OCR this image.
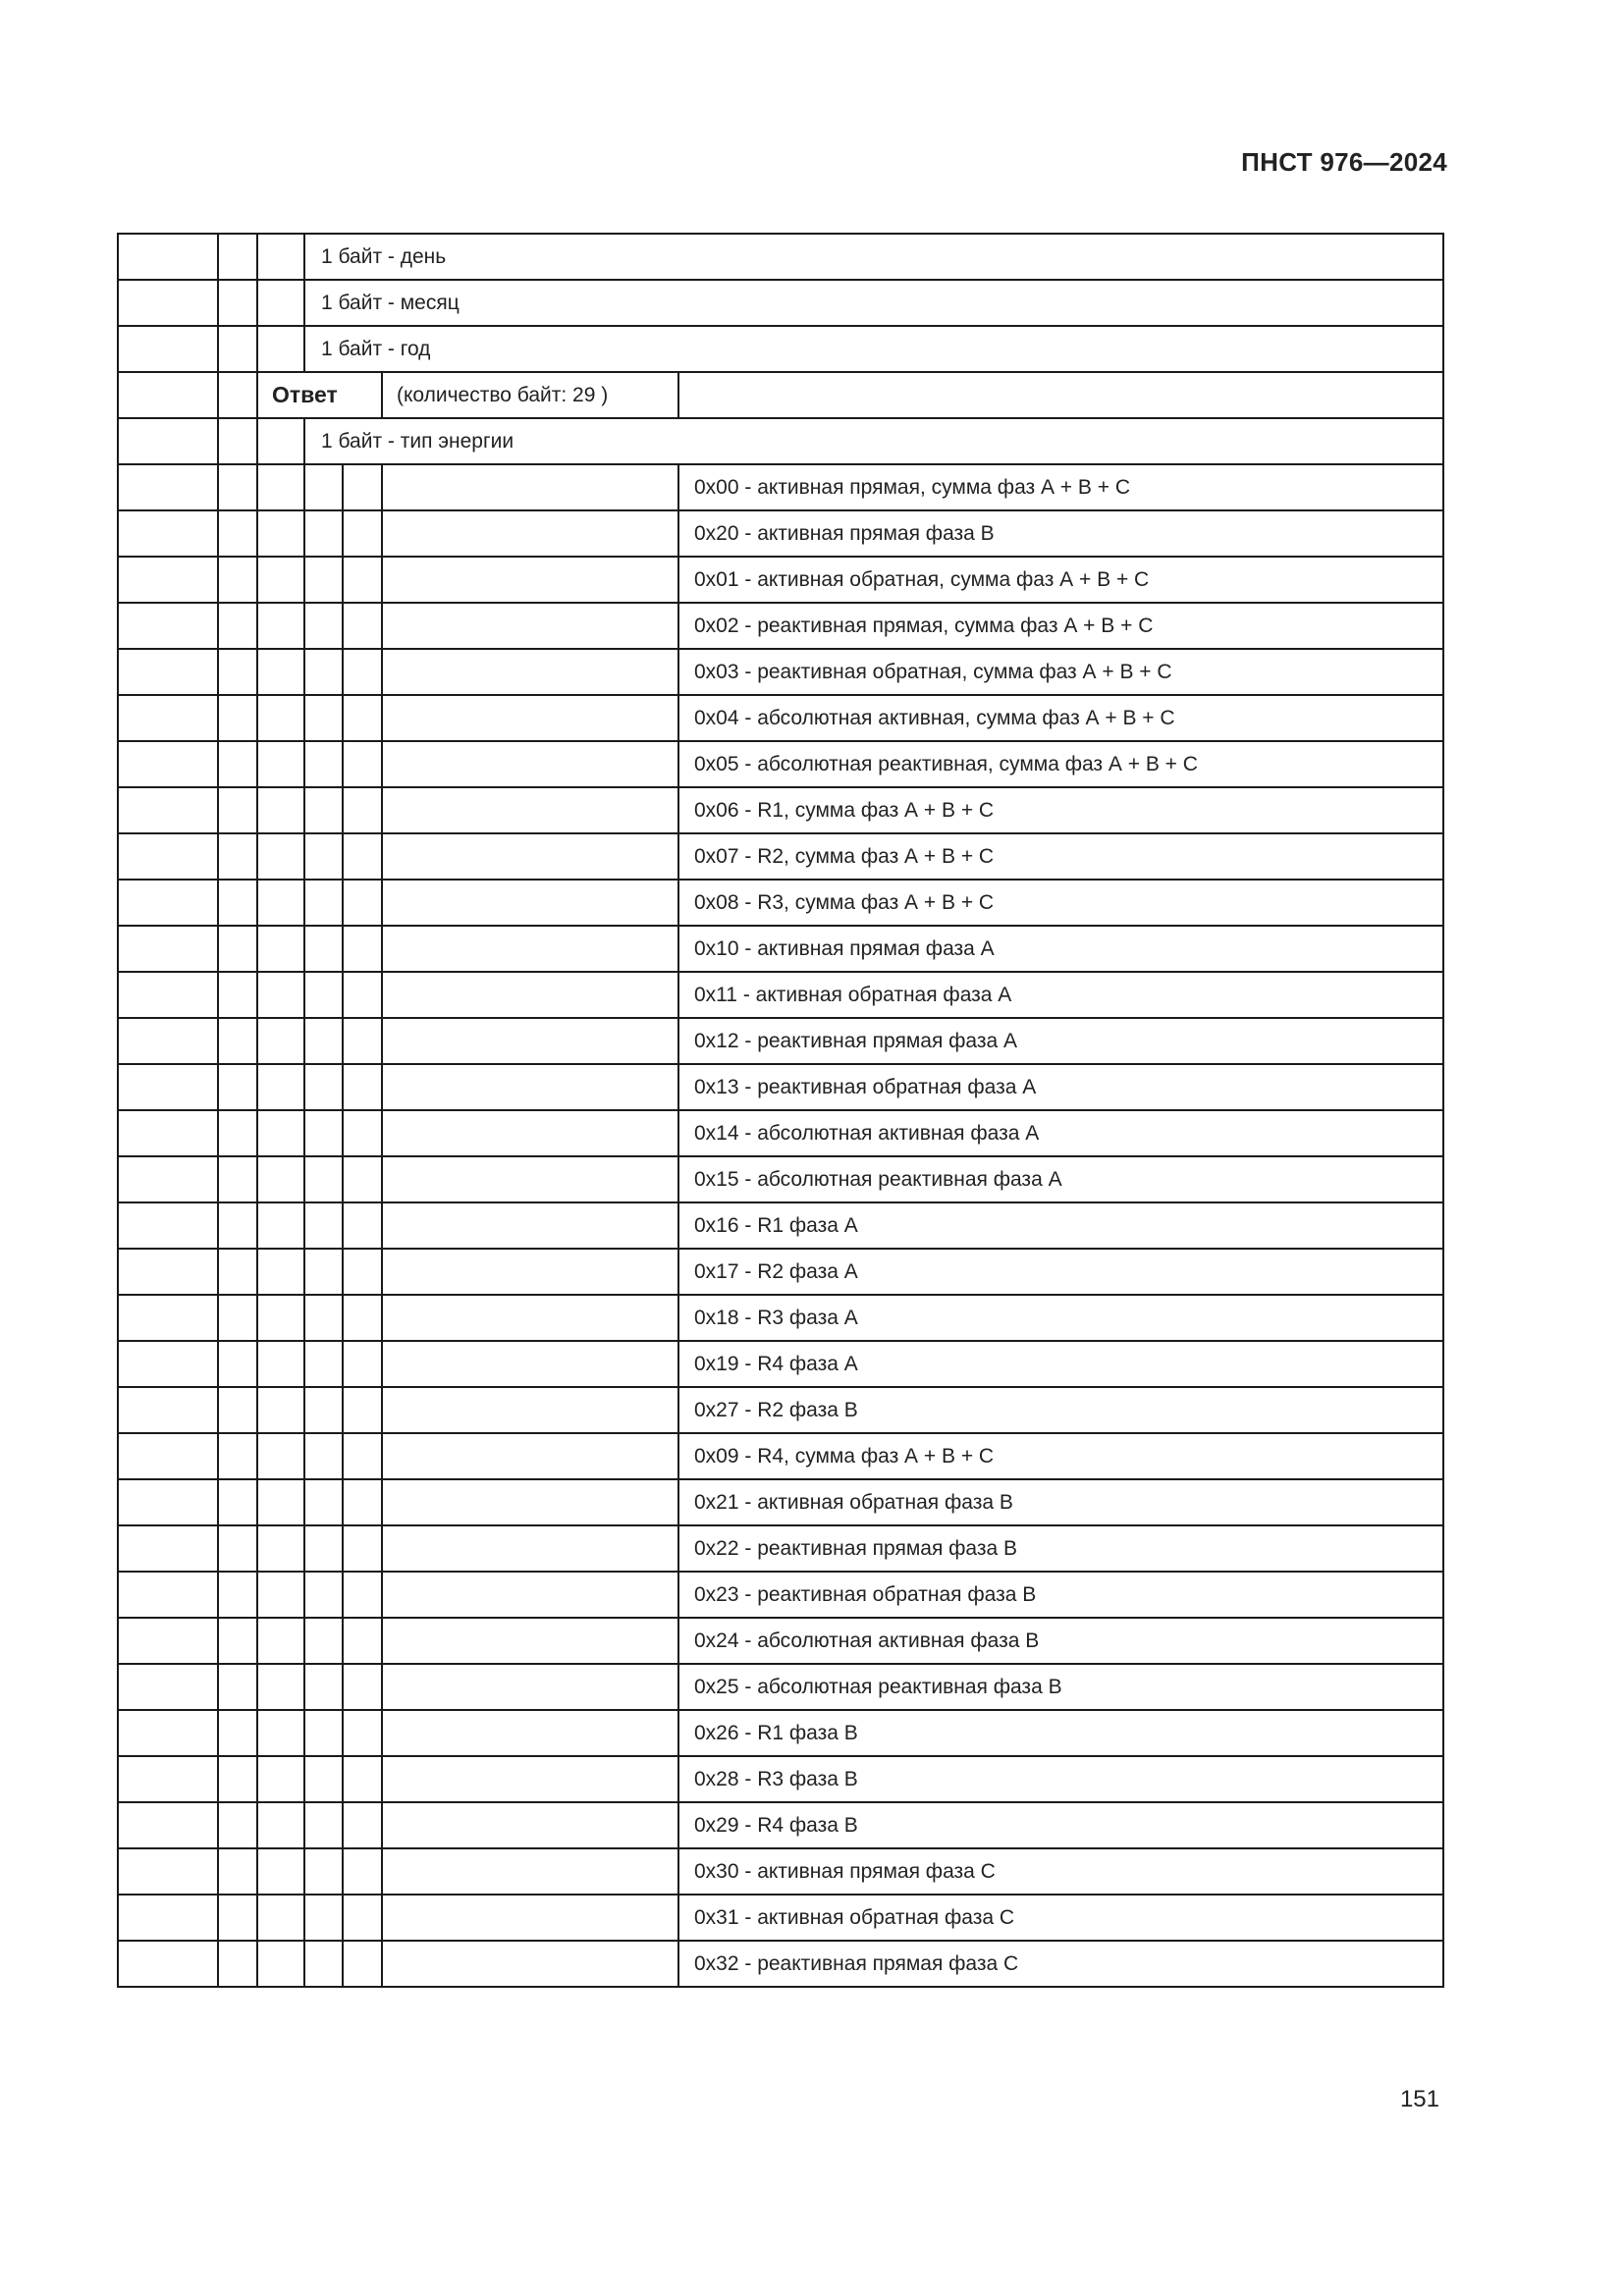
ПНСТ 976—2024
			1 байт - день			
			1 байт - месяц			
			1 байт - год			
		Ответ			(количество байт: 29 )	
			1 байт - тип энергии			
						0x00 - активная прямая, сумма фаз А + В + С
						0x20 - активная прямая фаза В
						0x01 - активная обратная, сумма фаз А + В + С
						0x02 - реактивная прямая, сумма фаз А + В + С
						0x03 - реактивная обратная, сумма фаз А + В + С
						0x04 - абсолютная активная, сумма фаз А + В + С
						0x05 - абсолютная реактивная, сумма фаз А + В + С
						0x06 - R1, сумма фаз А + В + С
						0x07 - R2, сумма фаз А + В + С
						0x08 - R3, сумма фаз А + В + С
						0x10 - активная прямая фаза А
						0x11 - активная обратная фаза А
						0x12 - реактивная прямая фаза А
						0x13 - реактивная обратная фаза А
						0x14 - абсолютная активная фаза А
						0x15 - абсолютная реактивная фаза А
						0x16 - R1 фаза А
						0x17 - R2 фаза А
						0x18 - R3 фаза А
						0x19 - R4 фаза А
						0x27 - R2 фаза В
						0x09 - R4, сумма фаз А + В + С
						0x21 - активная обратная фаза В
						0x22 - реактивная прямая фаза В
						0x23 - реактивная обратная фаза В
						0x24 - абсолютная активная фаза В
						0x25 - абсолютная реактивная фаза В
						0x26 - R1 фаза В
						0x28 - R3 фаза В
						0x29 - R4 фаза В
						0x30 - активная прямая фаза С
						0x31 - активная обратная фаза С
						0x32 - реактивная прямая фаза С
151
